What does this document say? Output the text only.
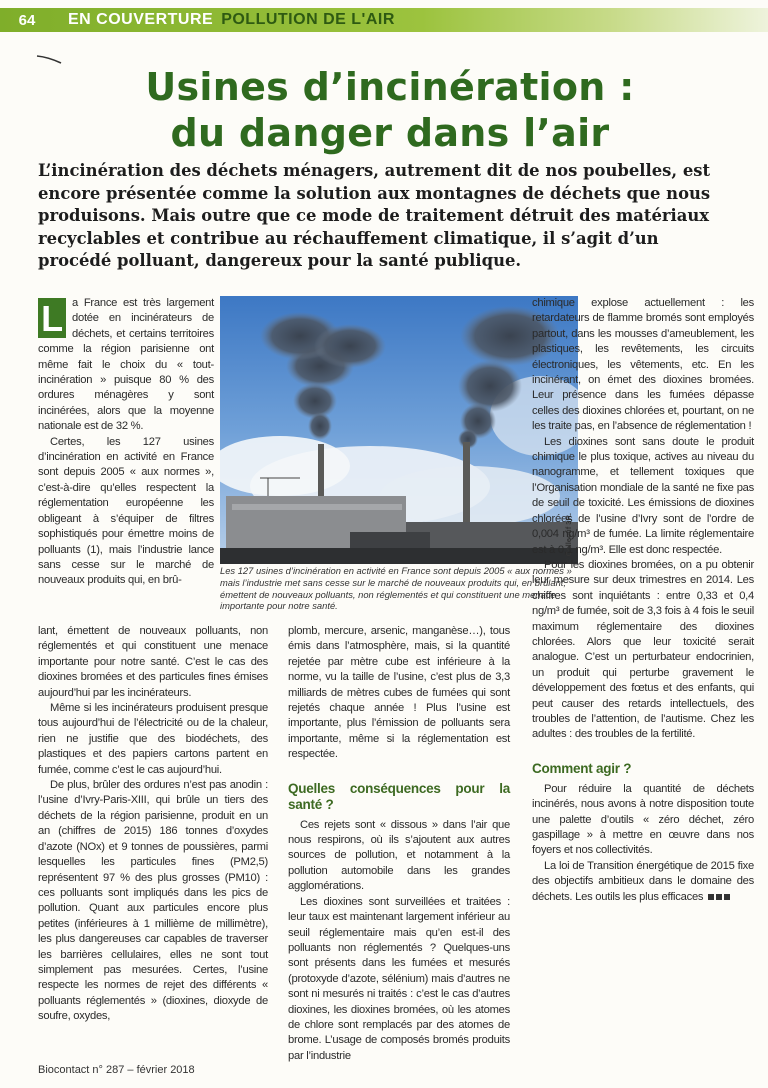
64	EN COUVERTURE POLLUTION DE L'AIR
Usines d’incinération :
du danger dans l’air

L’incinération des déchets ménagers, autrement dit de nos poubelles, est encore présentée comme la solution aux montagnes de déchets que nous produisons. Mais outre que ce mode de traitement détruit des matériaux recyclables et contribue au réchauffement climatique, il s’agit d’un procédé polluant, dangereux pour la santé publique.

L a France est très largement dotée en incinérateurs de déchets, et certains territoires comme la région parisienne ont même fait le choix du « tout-incinération » puisque 80 % des ordures ménagères y sont incinérées, alors que la moyenne nationale est de 32 %.

Certes, les 127 usines d’incinération en activité en France sont depuis 2005 « aux normes », c’est-à-dire qu’elles respectent la réglementation européenne les obligeant à s’équiper de filtres sophistiqués pour émettre moins de polluants (1), mais l’industrie lance sans cesse sur le marché de nouveaux produits qui, en brû-

© Collectif 3R.

Les 127 usines d’incinération en activité en France sont depuis 2005 « aux normes » mais l’industrie met sans cesse sur le marché de nouveaux produits qui, en brûlant, émettent de nouveaux polluants, non réglementés et qui constituent une menace importante pour notre santé.

lant, émettent de nouveaux polluants, non réglementés et qui constituent une menace importante pour notre santé. C’est le cas des dioxines bromées et des particules fines émises aujourd’hui par les incinérateurs.

Même si les incinérateurs produisent presque tous aujourd’hui de l’électricité ou de la chaleur, rien ne justifie que des biodéchets, des plastiques et des papiers cartons partent en fumée, comme c’est le cas aujourd’hui.

De plus, brûler des ordures n’est pas anodin : l’usine d’Ivry-Paris-XIII, qui brûle un tiers des déchets de la région parisienne, produit en un an (chiffres de 2015) 186 tonnes d’oxydes d’azote (NOx) et 9 tonnes de poussières, parmi lesquelles les particules fines (PM2,5) représentent 97 % des plus grosses (PM10) : ces polluants sont impliqués dans les pics de pollution. Quant aux particules encore plus petites (inférieures à 1 millième de millimètre), les plus dangereuses car capables de traverser les barrières cellulaires, elles ne sont tout simplement pas mesurées. Certes, l’usine respecte les normes de rejet des différents « polluants réglementés » (dioxines, dioxyde de soufre, oxydes,

plomb, mercure, arsenic, manganèse…), tous émis dans l’atmosphère, mais, si la quantité rejetée par mètre cube est inférieure à la norme, vu la taille de l’usine, c’est plus de 3,3 milliards de mètres cubes de fumées qui sont rejetés chaque année ! Plus l’usine est importante, plus l’émission de polluants sera importante, même si la réglementation est respectée.

Quelles conséquences pour la santé ?

Ces rejets sont « dissous » dans l’air que nous respirons, où ils s’ajoutent aux autres sources de pollution, et notamment à la pollution automobile dans les grandes agglomérations.

Les dioxines sont surveillées et traitées : leur taux est maintenant largement inférieur au seuil réglementaire mais qu’en est-il des polluants non réglementés ? Quelques-uns sont présents dans les fumées et mesurés (protoxyde d’azote, sélénium) mais d’autres ne sont ni mesurés ni traités : c’est le cas d’autres dioxines, les dioxines bromées, où les atomes de chlore sont remplacés par des atomes de brome. L’usage de composés bromés produits par l’industrie

chimique explose actuellement : les retardateurs de flamme bromés sont employés partout, dans les mousses d’ameublement, les plastiques, les revêtements, les circuits électroniques, les vêtements, etc. En les incinérant, on émet des dioxines bromées. Leur présence dans les fumées dépasse celles des dioxines chlorées et, pourtant, on ne les traite pas, en l’absence de réglementation !

Les dioxines sont sans doute le produit chimique le plus toxique, actives au niveau du nanogramme, et tellement toxiques que l’Organisation mondiale de la santé ne fixe pas de seuil de toxicité. Les émissions de dioxines chlorées de l’usine d’Ivry sont de l’ordre de 0,004 ng/m³ de fumée. La limite réglementaire est à 0,1 ng/m³. Elle est donc respectée.

Pour les dioxines bromées, on a pu obtenir leur mesure sur deux trimestres en 2014. Les chiffres sont inquiétants : entre 0,33 et 0,4 ng/m³ de fumée, soit de 3,3 fois à 4 fois le seuil maximum réglementaire des dioxines chlorées. Alors que leur toxicité serait analogue. C’est un perturbateur endocrinien, un produit qui perturbe gravement le développement des fœtus et des enfants, qui peut causer des retards intellectuels, des troubles de l’attention, de l’autisme. Chez les adultes : des troubles de la fertilité.

Comment agir ?

Pour réduire la quantité de déchets incinérés, nous avons à notre disposition toute une palette d’outils « zéro déchet, zéro gaspillage » à mettre en œuvre dans nos foyers et nos collectivités.

La loi de Transition énergétique de 2015 fixe des objectifs ambitieux dans le domaine des déchets. Les outils les plus efficaces

Biocontact n° 287 – février 2018
